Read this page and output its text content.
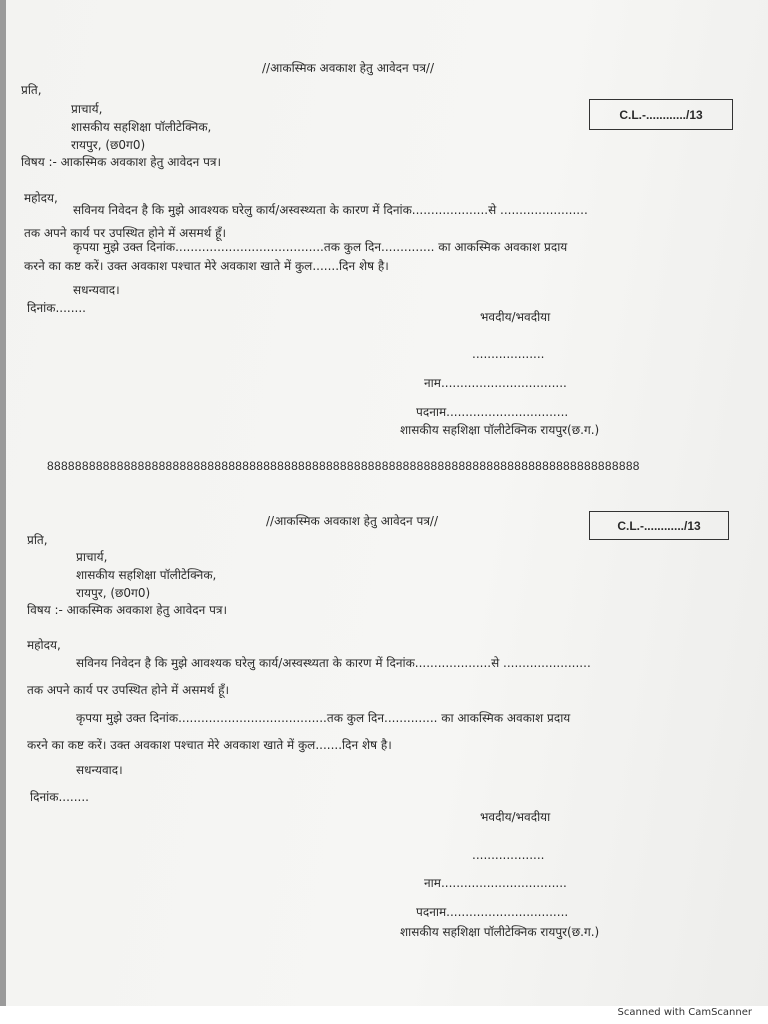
//आकस्मिक अवकाश हेतु आवेदन पत्र//
C.L.-............/13
प्रति,
प्राचार्य,
शासकीय सहशिक्षा पॉलीटेक्निक,
रायपुर, (छ0ग0)
विषय :- आकस्मिक अवकाश हेतु आवेदन पत्र।
महोदय,
सविनय निवेदन है कि मुझे आवश्यक घरेलु कार्य/अस्वस्थ्यता के कारण में दिनांक....................से .......................
तक अपने कार्य पर उपस्थित होने में असमर्थ हूँ।
कृपया मुझे उक्त दिनांक.......................................तक कुल दिन.............. का आकस्मिक अवकाश प्रदाय
करने का कष्ट करें। उक्त अवकाश पश्चात मेरे अवकाश खाते में कुल.......दिन शेष है।
सधन्यवाद।
दिनांक........
भवदीय/भवदीया
...................
नाम.................................
पदनाम................................
शासकीय सहशिक्षा पॉलीटेक्निक रायपुर(छ.ग.)
8888888888888888888888888888888888888888888888888888888888888888888888888888888888888
//आकस्मिक अवकाश हेतु आवेदन पत्र//	C.L.-............/13
प्रति,
प्राचार्य,
शासकीय सहशिक्षा पॉलीटेक्निक,
रायपुर, (छ0ग0)
विषय :- आकस्मिक अवकाश हेतु आवेदन पत्र।
महोदय,
सविनय निवेदन है कि मुझे आवश्यक घरेलु कार्य/अस्वस्थ्यता के कारण में दिनांक....................से .......................
तक अपने कार्य पर उपस्थित होने में असमर्थ हूँ।
कृपया मुझे उक्त दिनांक.......................................तक कुल दिन.............. का आकस्मिक अवकाश प्रदाय
करने का कष्ट करें। उक्त अवकाश पश्चात मेरे अवकाश खाते में कुल.......दिन शेष है।
सधन्यवाद।
दिनांक........
भवदीय/भवदीया
...................
नाम.................................
पदनाम................................
शासकीय सहशिक्षा पॉलीटेक्निक रायपुर(छ.ग.)
Scanned with CamScanner
